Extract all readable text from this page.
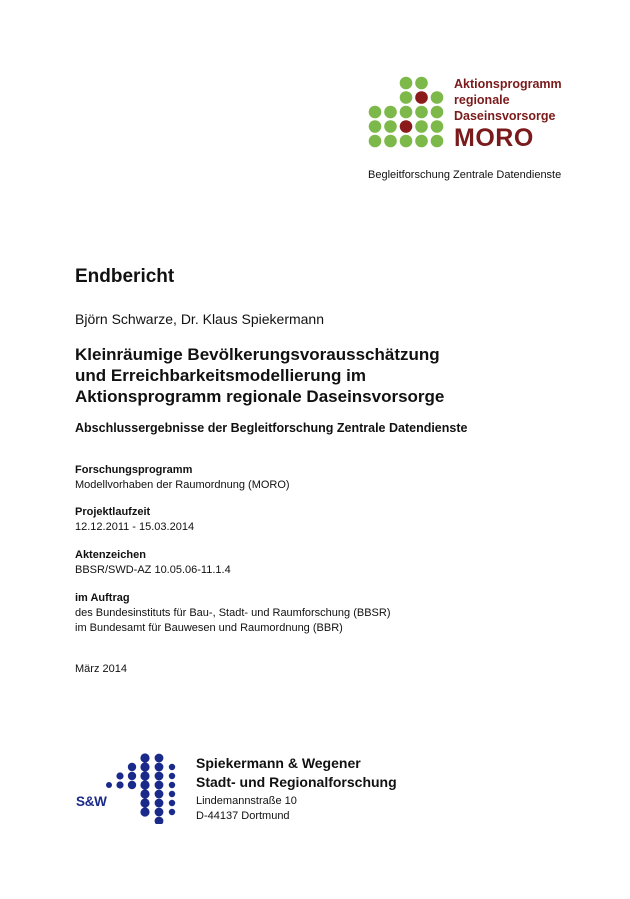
Aktionsprogramm
regionale
Daseinsvorsorge
MORO
Begleitforschung Zentrale Datendienste
Endbericht
Björn Schwarze, Dr. Klaus Spiekermann
Kleinräumige Bevölkerungsvorausschätzung
und Erreichbarkeitsmodellierung im
Aktionsprogramm regionale Daseinsvorsorge
Abschlussergebnisse der Begleitforschung Zentrale Datendienste
Forschungsprogramm
Modellvorhaben der Raumordnung (MORO)
Projektlaufzeit
12.12.2011 - 15.03.2014
Aktenzeichen
BBSR/SWD-AZ 10.05.06-11.1.4
im Auftrag
des Bundesinstituts für Bau-, Stadt- und Raumforschung (BBSR)
im Bundesamt für Bauwesen und Raumordnung (BBR)
März 2014
S&W
Spiekermann & Wegener
Stadt- und Regionalforschung
Lindemannstraße 10
D-44137 Dortmund
